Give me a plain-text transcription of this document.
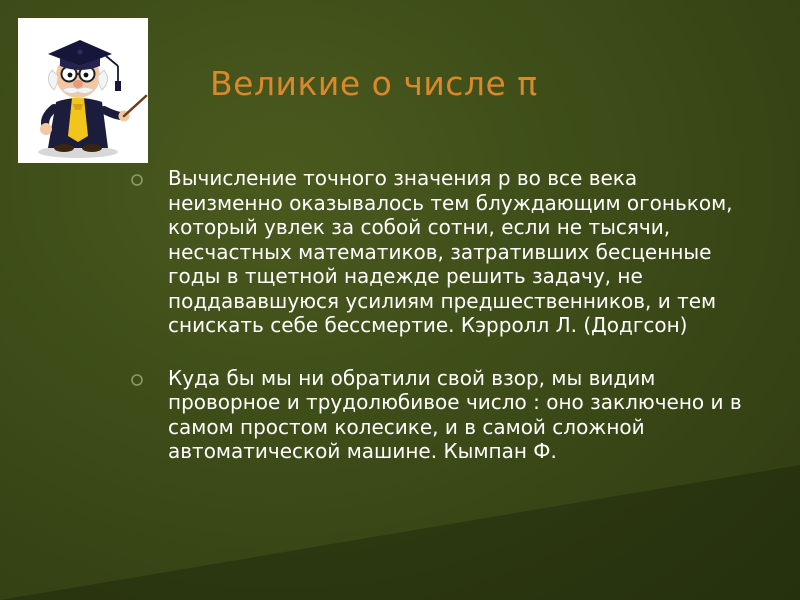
Великие о числе π
Вычисление точного значения р во все века неизменно оказывалось тем блуждающим огоньком, который увлек за собой сотни, если не тысячи, несчастных математиков, затративших бесценные годы в тщетной надежде решить задачу, не поддававшуюся усилиям предшественников, и тем снискать себе бессмертие. Кэрролл Л. (Додгсон)
Куда бы мы ни обратили свой взор, мы видим проворное и трудолюбивое число : оно заключено и в самом простом колесике, и в самой сложной автоматической машине. Кымпан Ф.
